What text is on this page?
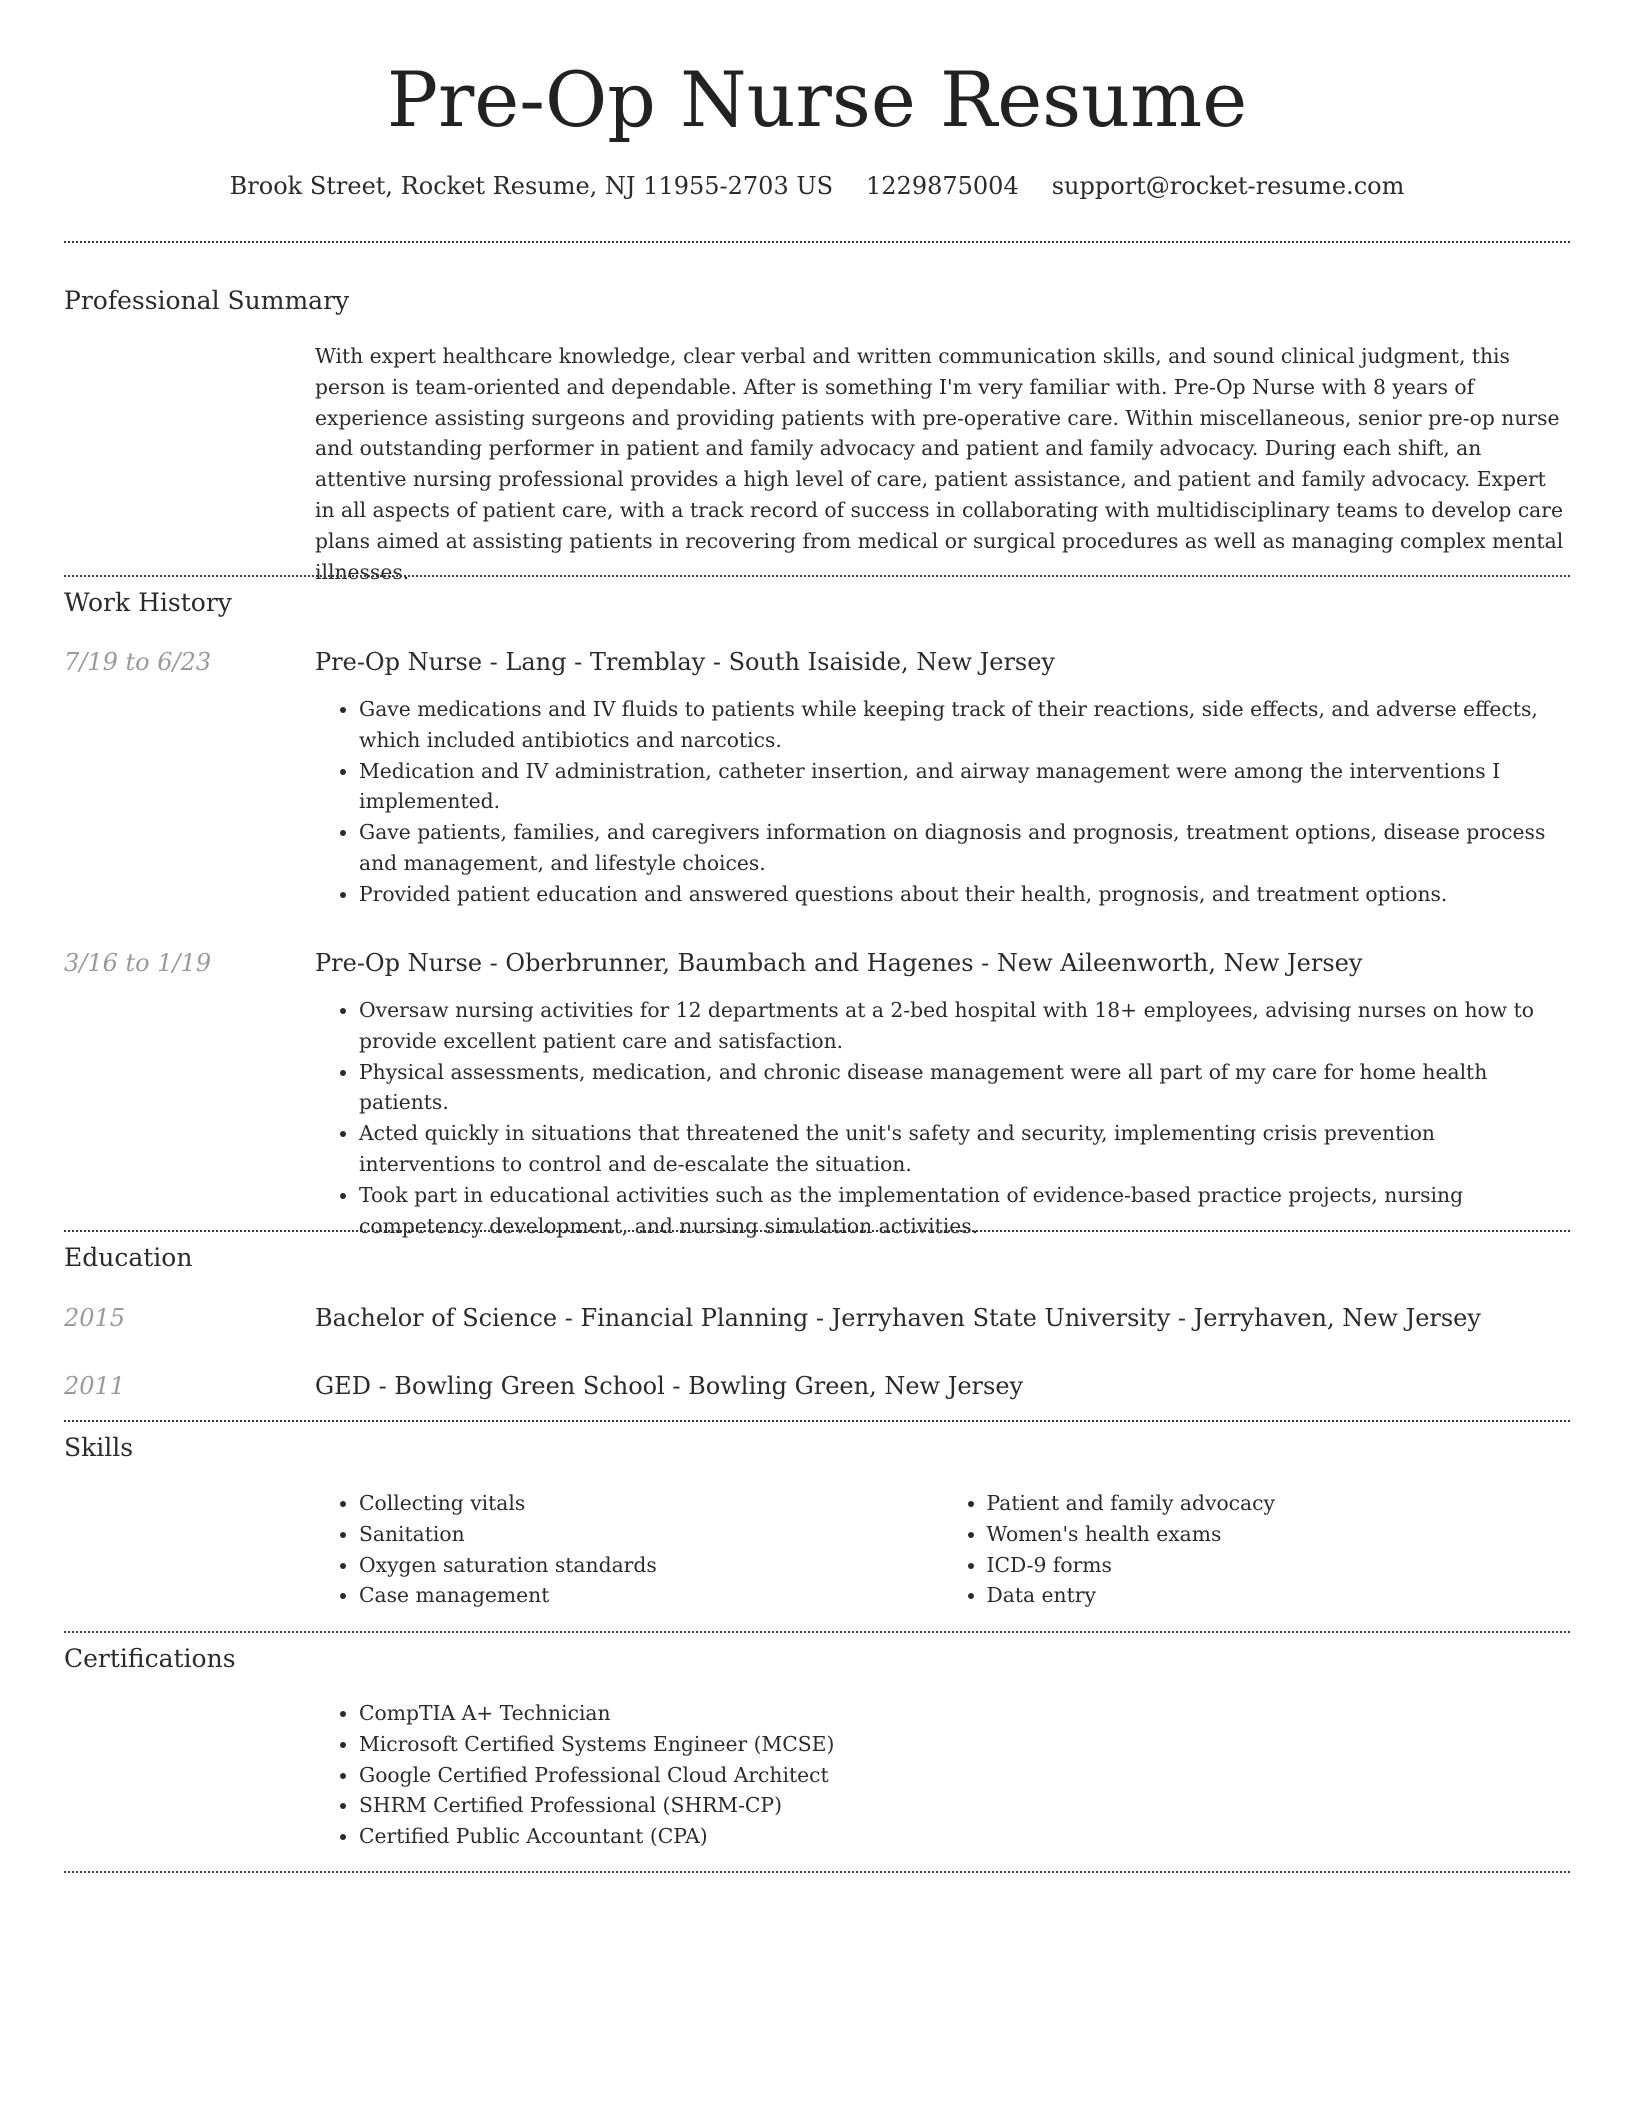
Pre-Op Nurse Resume
Brook Street, Rocket Resume, NJ 11955-2703 US 1229875004 support@rocket-resume.com
Professional Summary

With expert healthcare knowledge, clear verbal and written communication skills, and sound clinical judgment, this person is team-oriented and dependable. After is something I'm very familiar with. Pre-Op Nurse with 8 years of experience assisting surgeons and providing patients with pre-operative care. Within miscellaneous, senior pre-op nurse and outstanding performer in patient and family advocacy and patient and family advocacy. During each shift, an attentive nursing professional provides a high level of care, patient assistance, and patient and family advocacy. Expert in all aspects of patient care, with a track record of success in collaborating with multidisciplinary teams to develop care plans aimed at assisting patients in recovering from medical or surgical procedures as well as managing complex mental illnesses.

Work History
7/19 to 6/23	Pre-Op Nurse - Lang - Tremblay - South Isaiside, New Jersey
• Gave medications and IV fluids to patients while keeping track of their reactions, side effects, and adverse effects, which included antibiotics and narcotics.
• Medication and IV administration, catheter insertion, and airway management were among the interventions I implemented.
• Gave patients, families, and caregivers information on diagnosis and prognosis, treatment options, disease process and management, and lifestyle choices.
• Provided patient education and answered questions about their health, prognosis, and treatment options.
3/16 to 1/19	Pre-Op Nurse - Oberbrunner, Baumbach and Hagenes - New Aileenworth, New Jersey
• Oversaw nursing activities for 12 departments at a 2-bed hospital with 18+ employees, advising nurses on how to provide excellent patient care and satisfaction.
• Physical assessments, medication, and chronic disease management were all part of my care for home health patients.
• Acted quickly in situations that threatened the unit's safety and security, implementing crisis prevention interventions to control and de-escalate the situation.
• Took part in educational activities such as the implementation of evidence-based practice projects, nursing competency development, and nursing simulation activities.
Education
2015	Bachelor of Science - Financial Planning - Jerryhaven State University - Jerryhaven, New Jersey
2011	GED - Bowling Green School - Bowling Green, New Jersey
Skills
• Collecting vitals
• Sanitation
• Oxygen saturation standards
• Case management
• Patient and family advocacy
• Women's health exams
• ICD-9 forms
• Data entry
Certifications
• CompTIA A+ Technician
• Microsoft Certified Systems Engineer (MCSE)
• Google Certified Professional Cloud Architect
• SHRM Certified Professional (SHRM-CP)
• Certified Public Accountant (CPA)
